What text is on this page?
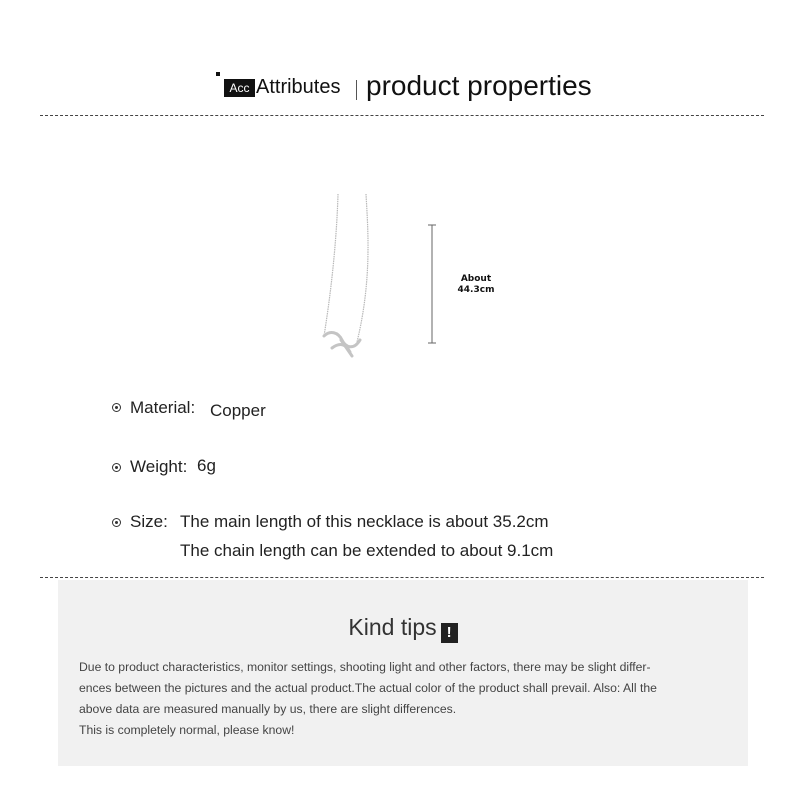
Acc Attributes product properties
About
44.3cm
Material: Copper
Weight: 6g
Size: The main length of this necklace is about 35.2cm
The chain length can be extended to about 9.1cm
Kind tips !

Due to product characteristics, monitor settings, shooting light and other factors, there may be slight differ-

ences between the pictures and the actual product.The actual color of the product shall prevail. Also: All the

above data are measured manually by us, there are slight differences.

This is completely normal, please know!
